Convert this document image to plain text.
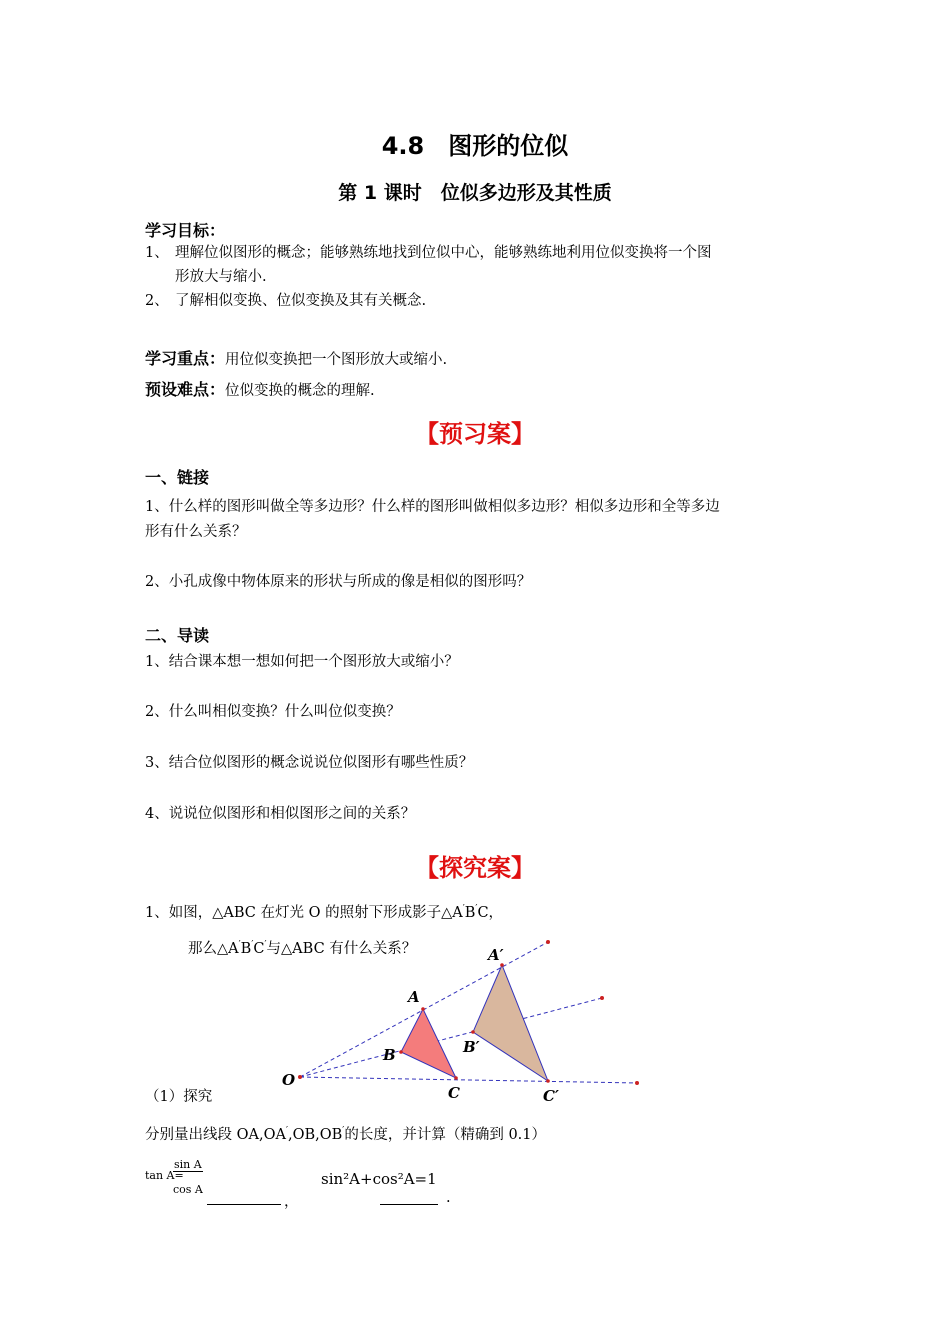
4.8　图形的位似
第 1 课时　位似多边形及其性质
学习目标：
1、 理解位似图形的概念；能够熟练地找到位似中心，能够熟练地利用位似变换将一个图
形放大与缩小.
2、 了解相似变换、位似变换及其有关概念.
学习重点：用位似变换把一个图形放大或缩小.
预设难点：位似变换的概念的理解.
【预习案】
一、链接
1、什么样的图形叫做全等多边形？什么样的图形叫做相似多边形？相似多边形和全等多边
形有什么关系？
2、小孔成像中物体原来的形状与所成的像是相似的图形吗？
二、导读
1、结合课本想一想如何把一个图形放大或缩小？
2、什么叫相似变换？什么叫位似变换？
3、结合位似图形的概念说说位似图形有哪些性质？
4、说说位似图形和相似图形之间的关系？
【探究案】
1、如图，△ABC 在灯光 O 的照射下形成影子△A′B′C，
那么△A′B′C′与△ABC 有什么关系？
O
A
B
C
A′
B′
C′
（1）探究
分别量出线段 OA,OA′,OB,OB′的长度，并计算（精确到 0.1）
tan A=
sin A
cos A
，
sin²A+cos²A=1
.
